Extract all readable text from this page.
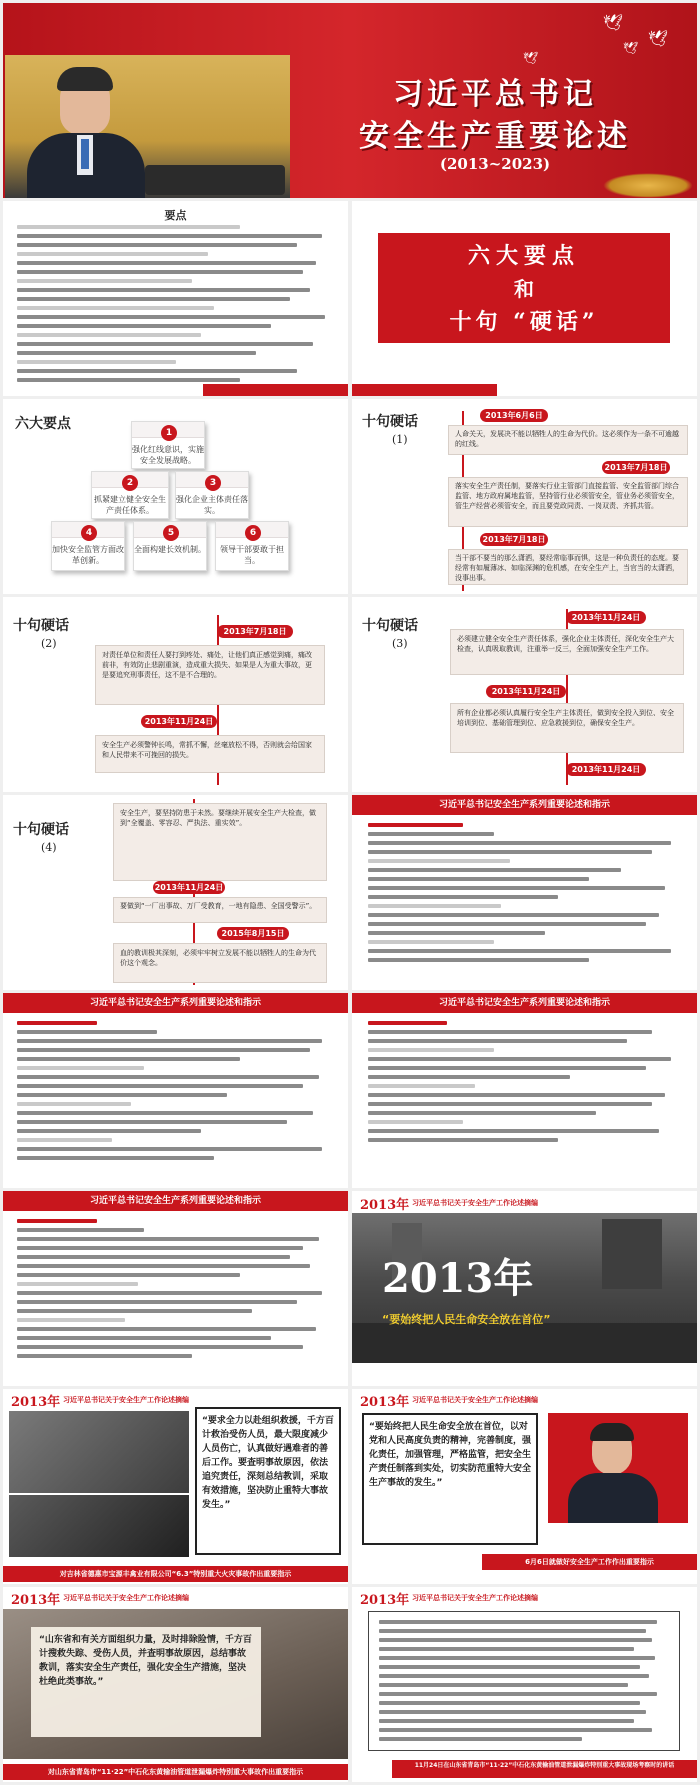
🕊
🕊
🕊
🕊
习近平总书记
安全生产重要论述
(2013~2023)
要点
六大要点
和
十句 “硬话”
六大要点
强化红线意识，实施安全发展战略。
1
抓紧建立健全安全生产责任体系。
2
强化企业主体责任落实。
3
加快安全监管方面改革创新。
4
全面构建长效机制。
5
领导干部要敢于担当。
6
十句硬话
(1)
2013年6月6日
人命关天，发展决不能以牺牲人的生命为代价。这必须作为一条不可逾越的红线。
2013年7月18日
落实安全生产责任制，要落实行业主管部门直接监管、安全监管部门综合监管、地方政府属地监管，坚持管行业必须管安全，管业务必须管安全，管生产经营必须管安全，而且要党政同责、一岗双责、齐抓共管。
2013年7月18日
当干部不要当的那么潇洒，要经常临事而惧，这是一种负责任的态度。要经常有如履薄冰、如临深渊的危机感，在安全生产上，当官当的太潇洒，没事出事。
十句硬话
(2)
2013年7月18日
对责任单位和责任人要打到疼处、痛处，让他们真正感觉到痛，痛改前非，有效防止悲剧重演，造成重大损失、如果是人为重大事故，更是要追究刑事责任，这不是不合理的。
2013年11月24日
安全生产必须警钟长鸣，常抓不懈，丝毫放松不得，否则就会给国家和人民带来不可挽回的损失。
十句硬话
(3)
2013年11月24日
必须建立健全安全生产责任体系，强化企业主体责任，深化安全生产大检查，认真吸取教训，注重举一反三，全面加强安全生产工作。
2013年11月24日
所有企业都必须认真履行安全生产主体责任，做到安全投入到位、安全培训到位、基础管理到位、应急救援到位，确保安全生产。
2013年11月24日
十句硬话
(4)
安全生产，要坚持防患于未然。要继续开展安全生产大检查，做到“全覆盖、零容忍、严执法、重实效”。
2013年11月24日
要做到“一厂出事故、万厂受教育，一地有隐患、全国受警示”。
2015年8月15日
血的教训极其深刻，必须牢牢树立发展不能以牺牲人的生命为代价这个观念。
习近平总书记安全生产系列重要论述和指示
习近平总书记安全生产系列重要论述和指示	习近平总书记安全生产系列重要论述和指示
习近平总书记安全生产系列重要论述和指示	2013年 习近平总书记关于安全生产工作论述摘编
2013年
“要始终把人民生命安全放在首位”
2013年 习近平总书记关于安全生产工作论述摘编
“要求全力以赴组织救援，千方百计救治受伤人员，最大限度减少人员伤亡，认真做好遇难者的善后工作。要查明事故原因，依法追究责任，深刻总结教训，采取有效措施，坚决防止重特大事故发生。”
对吉林省德惠市宝源丰禽业有限公司“6.3”特别重大火灾事故作出重要指示
2013年 习近平总书记关于安全生产工作论述摘编
“要始终把人民生命安全放在首位，以对党和人民高度负责的精神，完善制度，强化责任，加强管理，严格监管，把安全生产责任制落到实处，切实防范重特大安全生产事故的发生。”
6月6日就做好安全生产工作作出重要指示
2013年 习近平总书记关于安全生产工作论述摘编
“山东省和有关方面组织力量，及时排除险情，千方百计搜救失踪、受伤人员，并查明事故原因，总结事故教训，落实安全生产责任，强化安全生产措施，坚决杜绝此类事故。”
对山东省青岛市“11·22”中石化东黄输油管道泄漏爆炸特别重大事故作出重要指示
2013年 习近平总书记关于安全生产工作论述摘编
11月24日在山东省青岛市“11·22”中石化东黄输油管道泄漏爆炸特别重大事故现场考察时的讲话
